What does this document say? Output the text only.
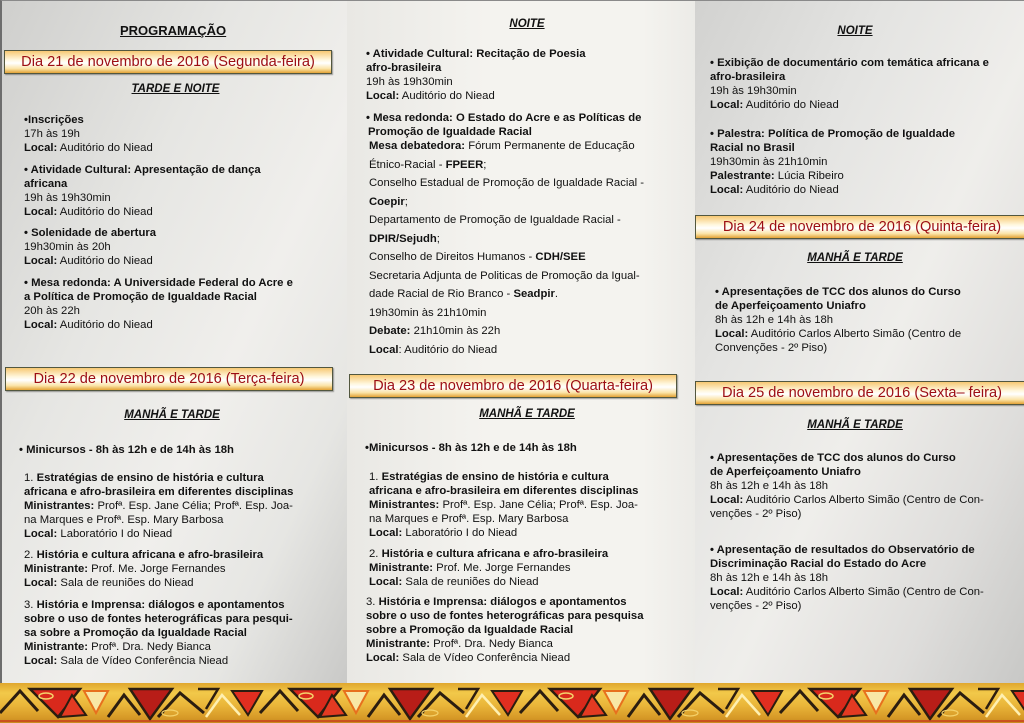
PROGRAMAÇÃO
Dia 21 de novembro de 2016 (Segunda-feira)
TARDE E NOITE
•Inscrições
17h às 19h
Local: Auditório do Niead
• Atividade Cultural: Apresentação de dança
africana
19h às 19h30min
Local: Auditório do Niead
• Solenidade de abertura
19h30min às 20h
Local: Auditório do Niead
• Mesa redonda: A Universidade Federal do Acre e
a Política de Promoção de Igualdade Racial
20h às 22h
Local: Auditório do Niead
Dia 22 de novembro de 2016 (Terça-feira)
MANHÃ E TARDE
• Minicursos - 8h às 12h e de 14h às 18h
1. Estratégias de ensino de história e cultura
africana e afro-brasileira em diferentes disciplinas
Ministrantes: Profª. Esp. Jane Célia; Profª. Esp. Joa-
na Marques e Profª. Esp. Mary Barbosa
Local: Laboratório I do Niead
2. História e cultura africana e afro-brasileira
Ministrante: Prof. Me. Jorge Fernandes
Local: Sala de reuniões do Niead
3. História e Imprensa: diálogos e apontamentos
sobre o uso de fontes heterográficas para pesqui-
sa sobre a Promoção da Igualdade Racial
Ministrante: Profª. Dra. Nedy Bianca
Local: Sala de Vídeo Conferência Niead
NOITE
• Atividade Cultural: Recitação de Poesia
afro-brasileira
19h às 19h30min
Local: Auditório do Niead
• Mesa redonda: O Estado do Acre e as Políticas de
Promoção de Igualdade Racial
Mesa debatedora: Fórum Permanente de Educação
Étnico-Racial - FPEER;
Conselho Estadual de Promoção de Igualdade Racial -
Coepir;
Departamento de Promoção de Igualdade Racial -
DPIR/Sejudh;
Conselho de Direitos Humanos - CDH/SEE
Secretaria Adjunta de Politicas de Promoção da Igual-
dade Racial de Rio Branco - Seadpir.
19h30min às 21h10min
Debate: 21h10min às 22h
Local: Auditório do Niead
Dia 23 de novembro de 2016 (Quarta-feira)
MANHÃ E TARDE
•Minicursos - 8h às 12h e de 14h às 18h
1. Estratégias de ensino de história e cultura
africana e afro-brasileira em diferentes disciplinas
Ministrantes: Profª. Esp. Jane Célia; Profª. Esp. Joa-
na Marques e Profª. Esp. Mary Barbosa
Local: Laboratório I do Niead
2. História e cultura africana e afro-brasileira
Ministrante: Prof. Me. Jorge Fernandes
Local: Sala de reuniões do Niead
3. História e Imprensa: diálogos e apontamentos
sobre o uso de fontes heterográficas para pesquisa
sobre a Promoção da Igualdade Racial
Ministrante: Profª. Dra. Nedy Bianca
Local: Sala de Vídeo Conferência Niead
NOITE
• Exibição de documentário com temática africana e
afro-brasileira
19h às 19h30min
Local: Auditório do Niead
• Palestra: Política de Promoção de Igualdade
Racial no Brasil
19h30min às 21h10min
Palestrante: Lúcia Ribeiro
Local: Auditório do Niead
Dia 24 de novembro de 2016 (Quinta-feira)
MANHÃ E TARDE
• Apresentações de TCC dos alunos do Curso
de Aperfeiçoamento Uniafro
8h às 12h e 14h às 18h
Local: Auditório Carlos Alberto Simão (Centro de
Convenções - 2º Piso)
Dia 25 de novembro de 2016 (Sexta– feira)
MANHÃ E TARDE
• Apresentações de TCC dos alunos do Curso
de Aperfeiçoamento Uniafro
8h às 12h e 14h às 18h
Local: Auditório Carlos Alberto Simão (Centro de Con-
venções - 2º Piso)
• Apresentação de resultados do Observatório de
Discriminação Racial do Estado do Acre
8h às 12h e 14h às 18h
Local: Auditório Carlos Alberto Simão (Centro de Con-
venções - 2º Piso)
